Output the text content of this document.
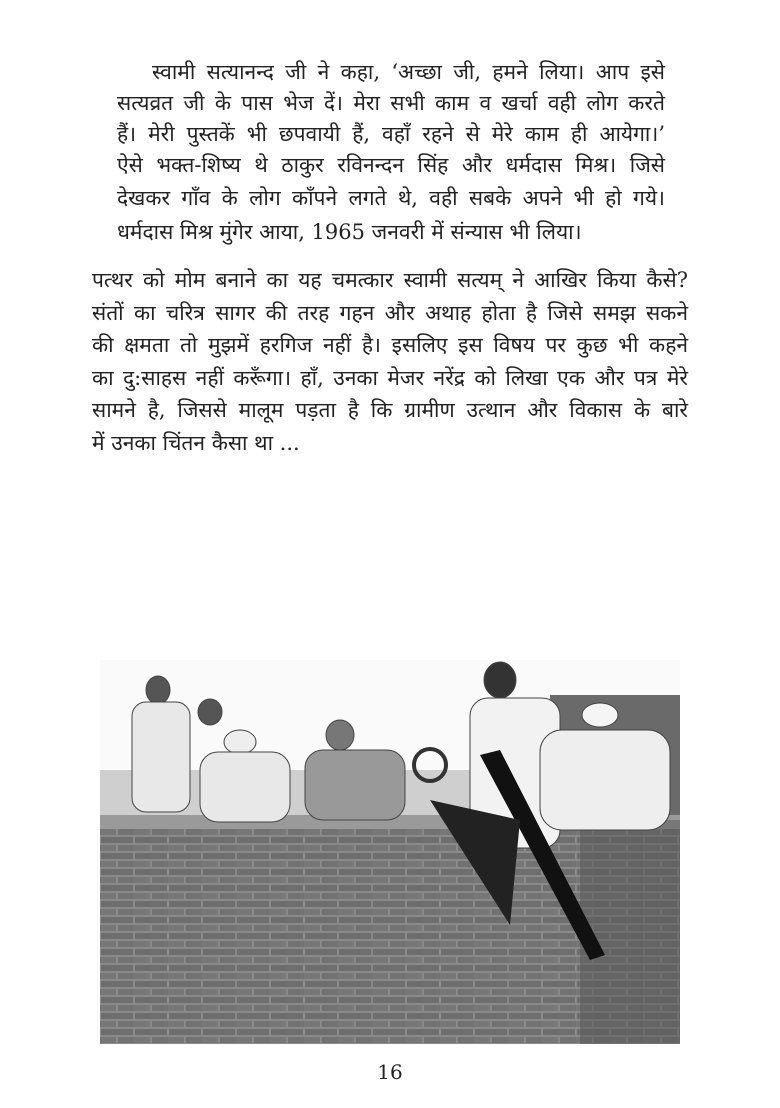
स्वामी सत्यानन्द जी ने कहा, ‘अच्छा जी, हमने लिया। आप इसे
सत्यव्रत जी के पास भेज दें। मेरा सभी काम व खर्चा वही लोग करते
हैं। मेरी पुस्तकें भी छपवायी हैं, वहाँ रहने से मेरे काम ही आयेगा।’
ऐसे भक्त-शिष्य थे ठाकुर रविनन्दन सिंह और धर्मदास मिश्र। जिसे
देखकर गाँव के लोग काँपने लगते थे, वही सबके अपने भी हो गये।
धर्मदास मिश्र मुंगेर आया, 1965 जनवरी में संन्यास भी लिया।
पत्थर को मोम बनाने का यह चमत्कार स्वामी सत्यम् ने आखिर किया कैसे?
संतों का चरित्र सागर की तरह गहन और अथाह होता है जिसे समझ सकने
की क्षमता तो मुझमें हरगिज नहीं है। इसलिए इस विषय पर कुछ भी कहने
का दु:साहस नहीं करूँगा। हाँ, उनका मेजर नरेंद्र को लिखा एक और पत्र मेरे
सामने है, जिससे मालूम पड़ता है कि ग्रामीण उत्थान और विकास के बारे
में उनका चिंतन कैसा था ...
16
